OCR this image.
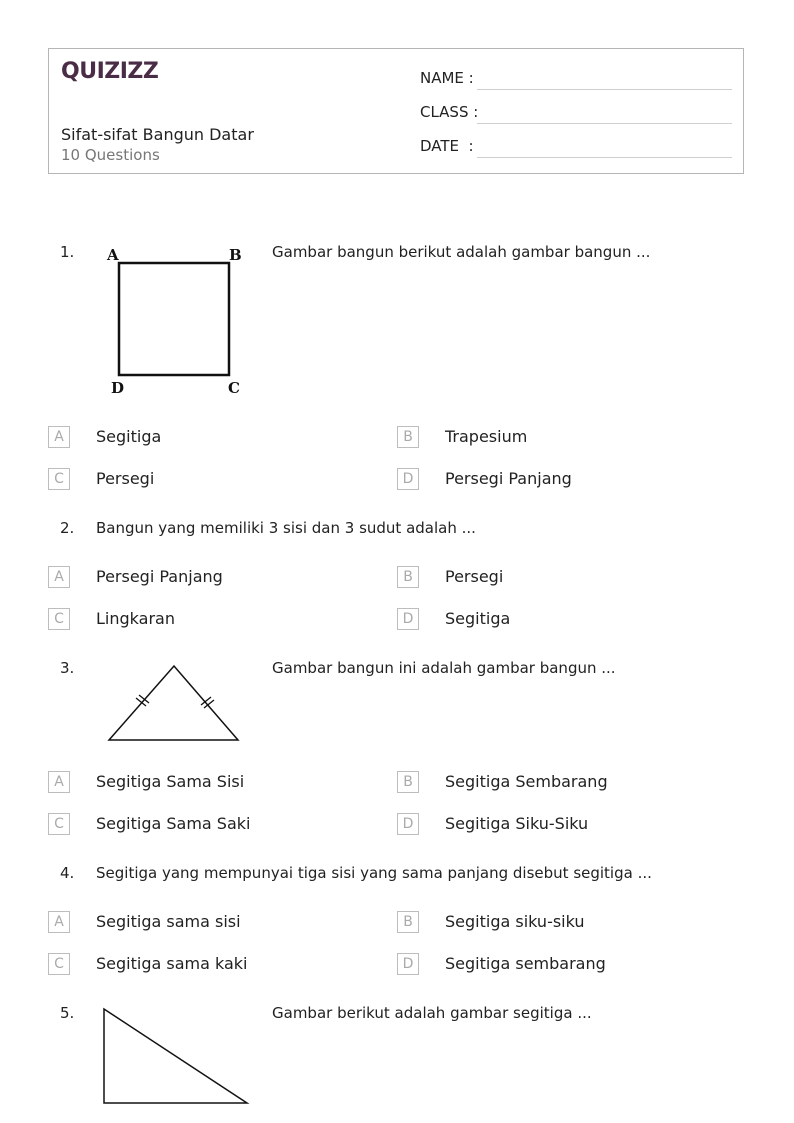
QUIZIZZ
Sifat-sifat Bangun Datar
10 Questions
NAME :
CLASS :
DATE  :
1. A	B
D	C
Gambar bangun berikut adalah gambar bangun ...
A	Segitiga	B	Trapesium
C	Persegi	D	Persegi Panjang
2. Bangun yang memiliki 3 sisi dan 3 sudut adalah ...
A	Persegi Panjang	B	Persegi
C	Lingkaran	D	Segitiga
3.	Gambar bangun ini adalah gambar bangun ...
A	Segitiga Sama Sisi	B	Segitiga Sembarang
C	Segitiga Sama Saki	D	Segitiga Siku-Siku
4. Segitiga yang mempunyai tiga sisi yang sama panjang disebut segitiga ...
A	Segitiga sama sisi	B	Segitiga siku-siku
C	Segitiga sama kaki	D	Segitiga sembarang
5.	Gambar berikut adalah gambar segitiga ...
